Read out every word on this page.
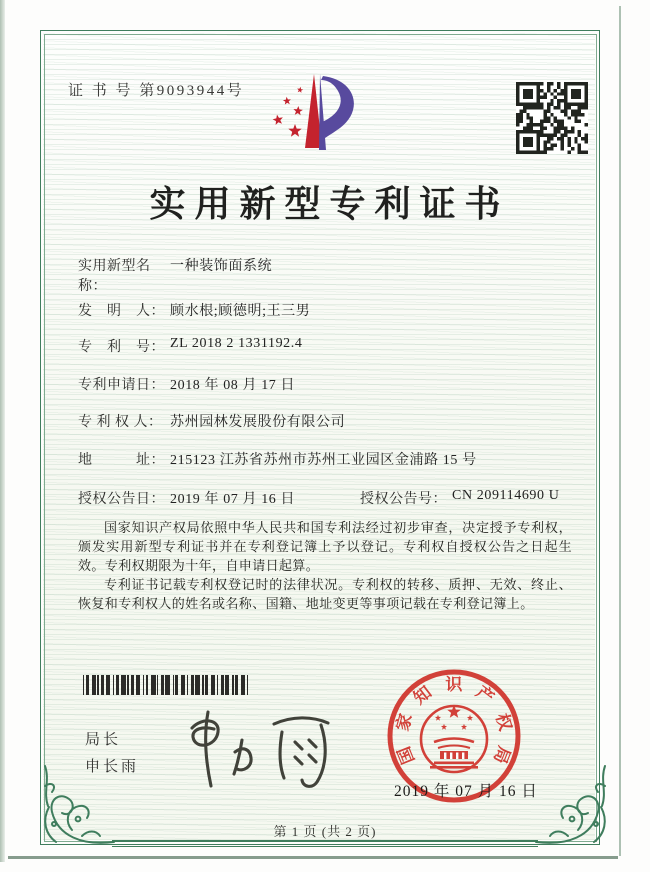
证 书 号 第9093944号
实用新型专利证书
实用新型名称：一种装饰面系统
发　明　人： 顾水根;顾德明;王三男
专　利　号： ZL 2018 2 1331192.4
专利申请日： 2018 年 08 月 17 日
专 利 权 人： 苏州园林发展股份有限公司
地　　　址： 215123 江苏省苏州市苏州工业园区金浦路 15 号
授权公告日： 2019 年 07 月 16 日	授权公告号： CN 209114690 U

国家知识产权局依照中华人民共和国专利法经过初步审查，决定授予专利权，颁发实用新型专利证书并在专利登记簿上予以登记。专利权自授权公告之日起生效。专利权期限为十年，自申请日起算。

专利证书记载专利权登记时的法律状况。专利权的转移、质押、无效、终止、恢复和专利权人的姓名或名称、国籍、地址变更等事项记载在专利登记簿上。

局长
申长雨	国家知识产权局
2019 年 07 月 16 日
第 1 页 (共 2 页)
